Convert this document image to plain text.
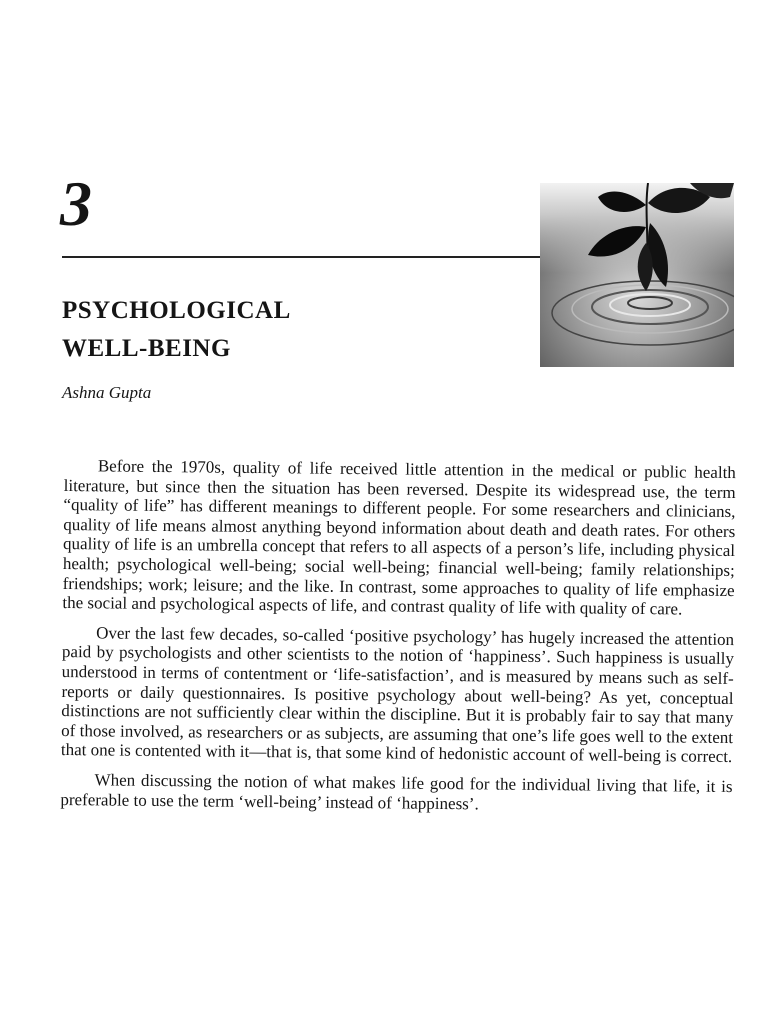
3
PSYCHOLOGICAL
WELL-BEING
Ashna Gupta

Before the 1970s, quality of life received little attention in the medical or public health literature, but since then the situation has been reversed. Despite its widespread use, the term “quality of life” has different meanings to different people. For some researchers and clinicians, quality of life means almost anything beyond information about death and death rates. For others quality of life is an umbrella concept that refers to all aspects of a person’s life, including physical health; psychological well-being; social well-being; financial well-being; family relationships; friendships; work; leisure; and the like. In contrast, some approaches to quality of life emphasize the social and psychological aspects of life, and contrast quality of life with quality of care.

Over the last few decades, so-called ‘positive psychology’ has hugely increased the attention paid by psychologists and other scientists to the notion of ‘happiness’. Such happiness is usually understood in terms of contentment or ‘life-satisfaction’, and is measured by means such as self-reports or daily questionnaires. Is positive psychology about well-being? As yet, conceptual distinctions are not sufficiently clear within the discipline. But it is probably fair to say that many of those involved, as researchers or as subjects, are assuming that one’s life goes well to the extent that one is contented with it—that is, that some kind of hedonistic account of well-being is correct.

When discussing the notion of what makes life good for the individual living that life, it is preferable to use the term ‘well-being’ instead of ‘happiness’.
